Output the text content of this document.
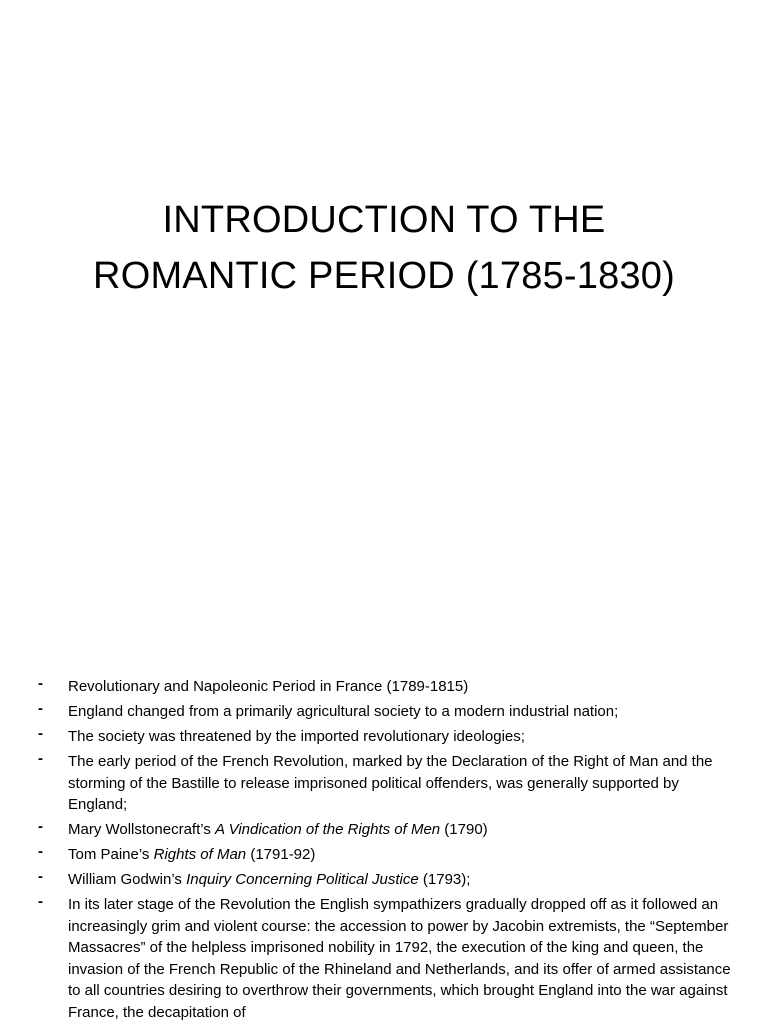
INTRODUCTION TO THE
ROMANTIC PERIOD (1785-1830)
-	Revolutionary and Napoleonic Period in France (1789-1815)
-	England changed from a primarily agricultural society to a modern industrial nation;
-	The society was threatened by the imported revolutionary ideologies;
-	The early period of the French Revolution, marked by the Declaration of the Right of Man and the storming of the Bastille to release imprisoned political offenders, was generally supported by England;
-	Mary Wollstonecraft’s A Vindication of the Rights of Men (1790)
-	Tom Paine’s Rights of Man (1791-92)
-	William Godwin’s Inquiry Concerning Political Justice (1793);
-	In its later stage of the Revolution the English sympathizers gradually dropped off as it followed an increasingly grim and violent course: the accession to power by Jacobin extremists, the “September Massacres” of the helpless imprisoned nobility in 1792, the execution of the king and queen, the invasion of the French Republic of the Rhineland and Netherlands, and its offer of armed assistance to all countries desiring to overthrow their governments, which brought England into the war against France, the decapitation of
